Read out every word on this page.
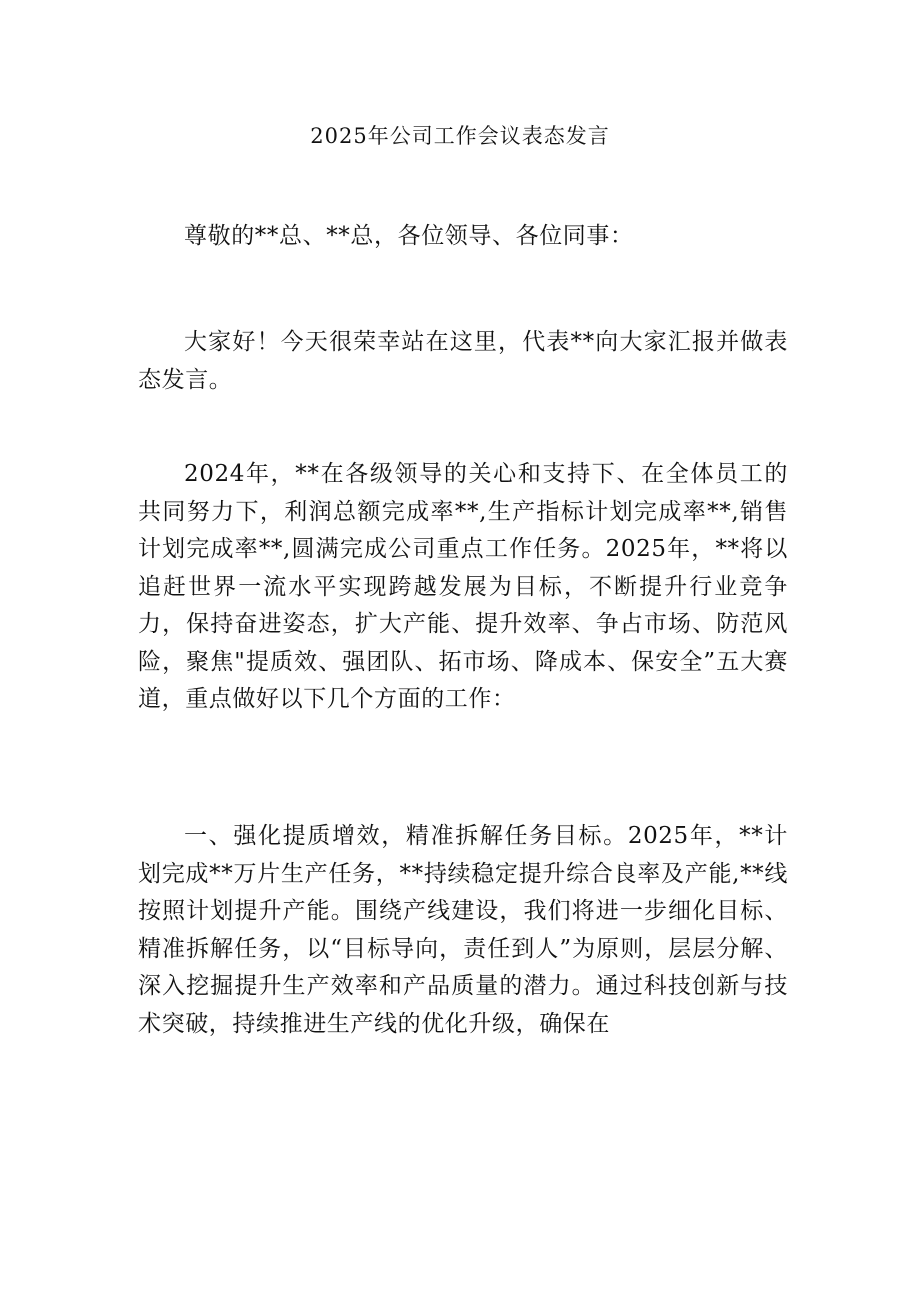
2025年公司工作会议表态发言

尊敬的**总、**总，各位领导、各位同事：

大家好！今天很荣幸站在这里，代表**向大家汇报并做表态发言。

2024年，**在各级领导的关心和支持下、在全体员工的共同努力下，利润总额完成率**,生产指标计划完成率**,销售计划完成率**,圆满完成公司重点工作任务。2025年，**将以追赶世界一流水平实现跨越发展为目标，不断提升行业竞争力，保持奋进姿态，扩大产能、提升效率、争占市场、防范风险，聚焦"提质效、强团队、拓市场、降成本、保安全”五大赛道，重点做好以下几个方面的工作：

一、强化提质增效，精准拆解任务目标。2025年，**计划完成**万片生产任务，**持续稳定提升综合良率及产能,**线按照计划提升产能。围绕产线建设，我们将进一步细化目标、精准拆解任务，以“目标导向，责任到人”为原则，层层分解、深入挖掘提升生产效率和产品质量的潜力。通过科技创新与技术突破，持续推进生产线的优化升级，确保在
